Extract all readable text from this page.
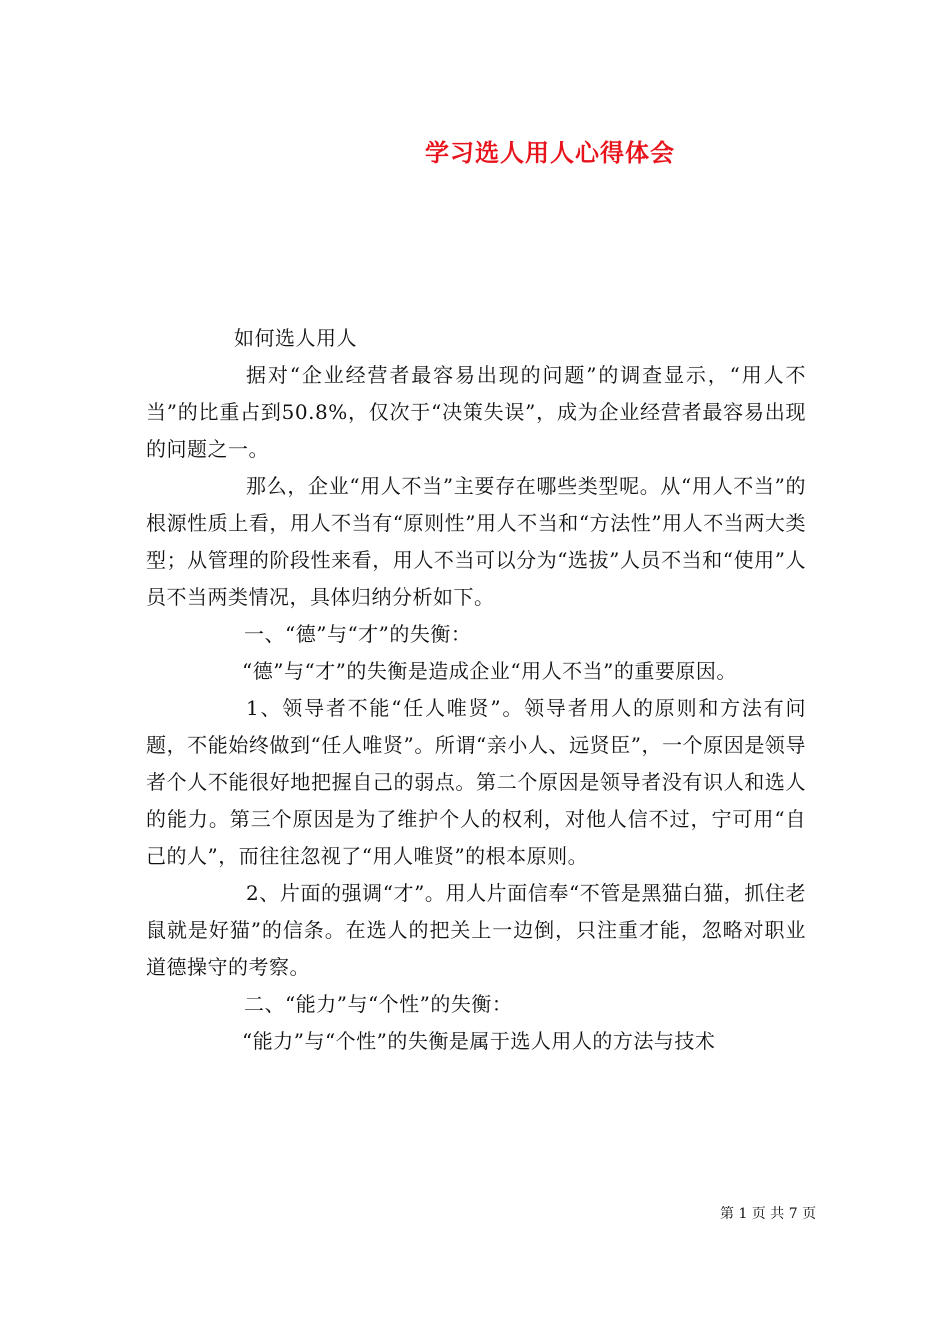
学习选人用人心得体会

如何选人用人

据对“企业经营者最容易出现的问题”的调查显示，“用人不当”的比重占到50.8%，仅次于“决策失误”，成为企业经营者最容易出现的问题之一。

那么，企业“用人不当”主要存在哪些类型呢。从“用人不当”的根源性质上看，用人不当有“原则性”用人不当和“方法性”用人不当两大类型；从管理的阶段性来看，用人不当可以分为“选拔”人员不当和“使用”人员不当两类情况，具体归纳分析如下。

一、“德”与“才”的失衡：

“德”与“才”的失衡是造成企业“用人不当”的重要原因。

1、领导者不能“任人唯贤”。领导者用人的原则和方法有问题，不能始终做到“任人唯贤”。所谓“亲小人、远贤臣”，一个原因是领导者个人不能很好地把握自己的弱点。第二个原因是领导者没有识人和选人的能力。第三个原因是为了维护个人的权利，对他人信不过，宁可用“自己的人”，而往往忽视了“用人唯贤”的根本原则。

2、片面的强调“才”。用人片面信奉“不管是黑猫白猫，抓住老鼠就是好猫”的信条。在选人的把关上一边倒，只注重才能，忽略对职业道德操守的考察。

二、“能力”与“个性”的失衡：

“能力”与“个性”的失衡是属于选人用人的方法与技术

第 1 页 共 7 页
